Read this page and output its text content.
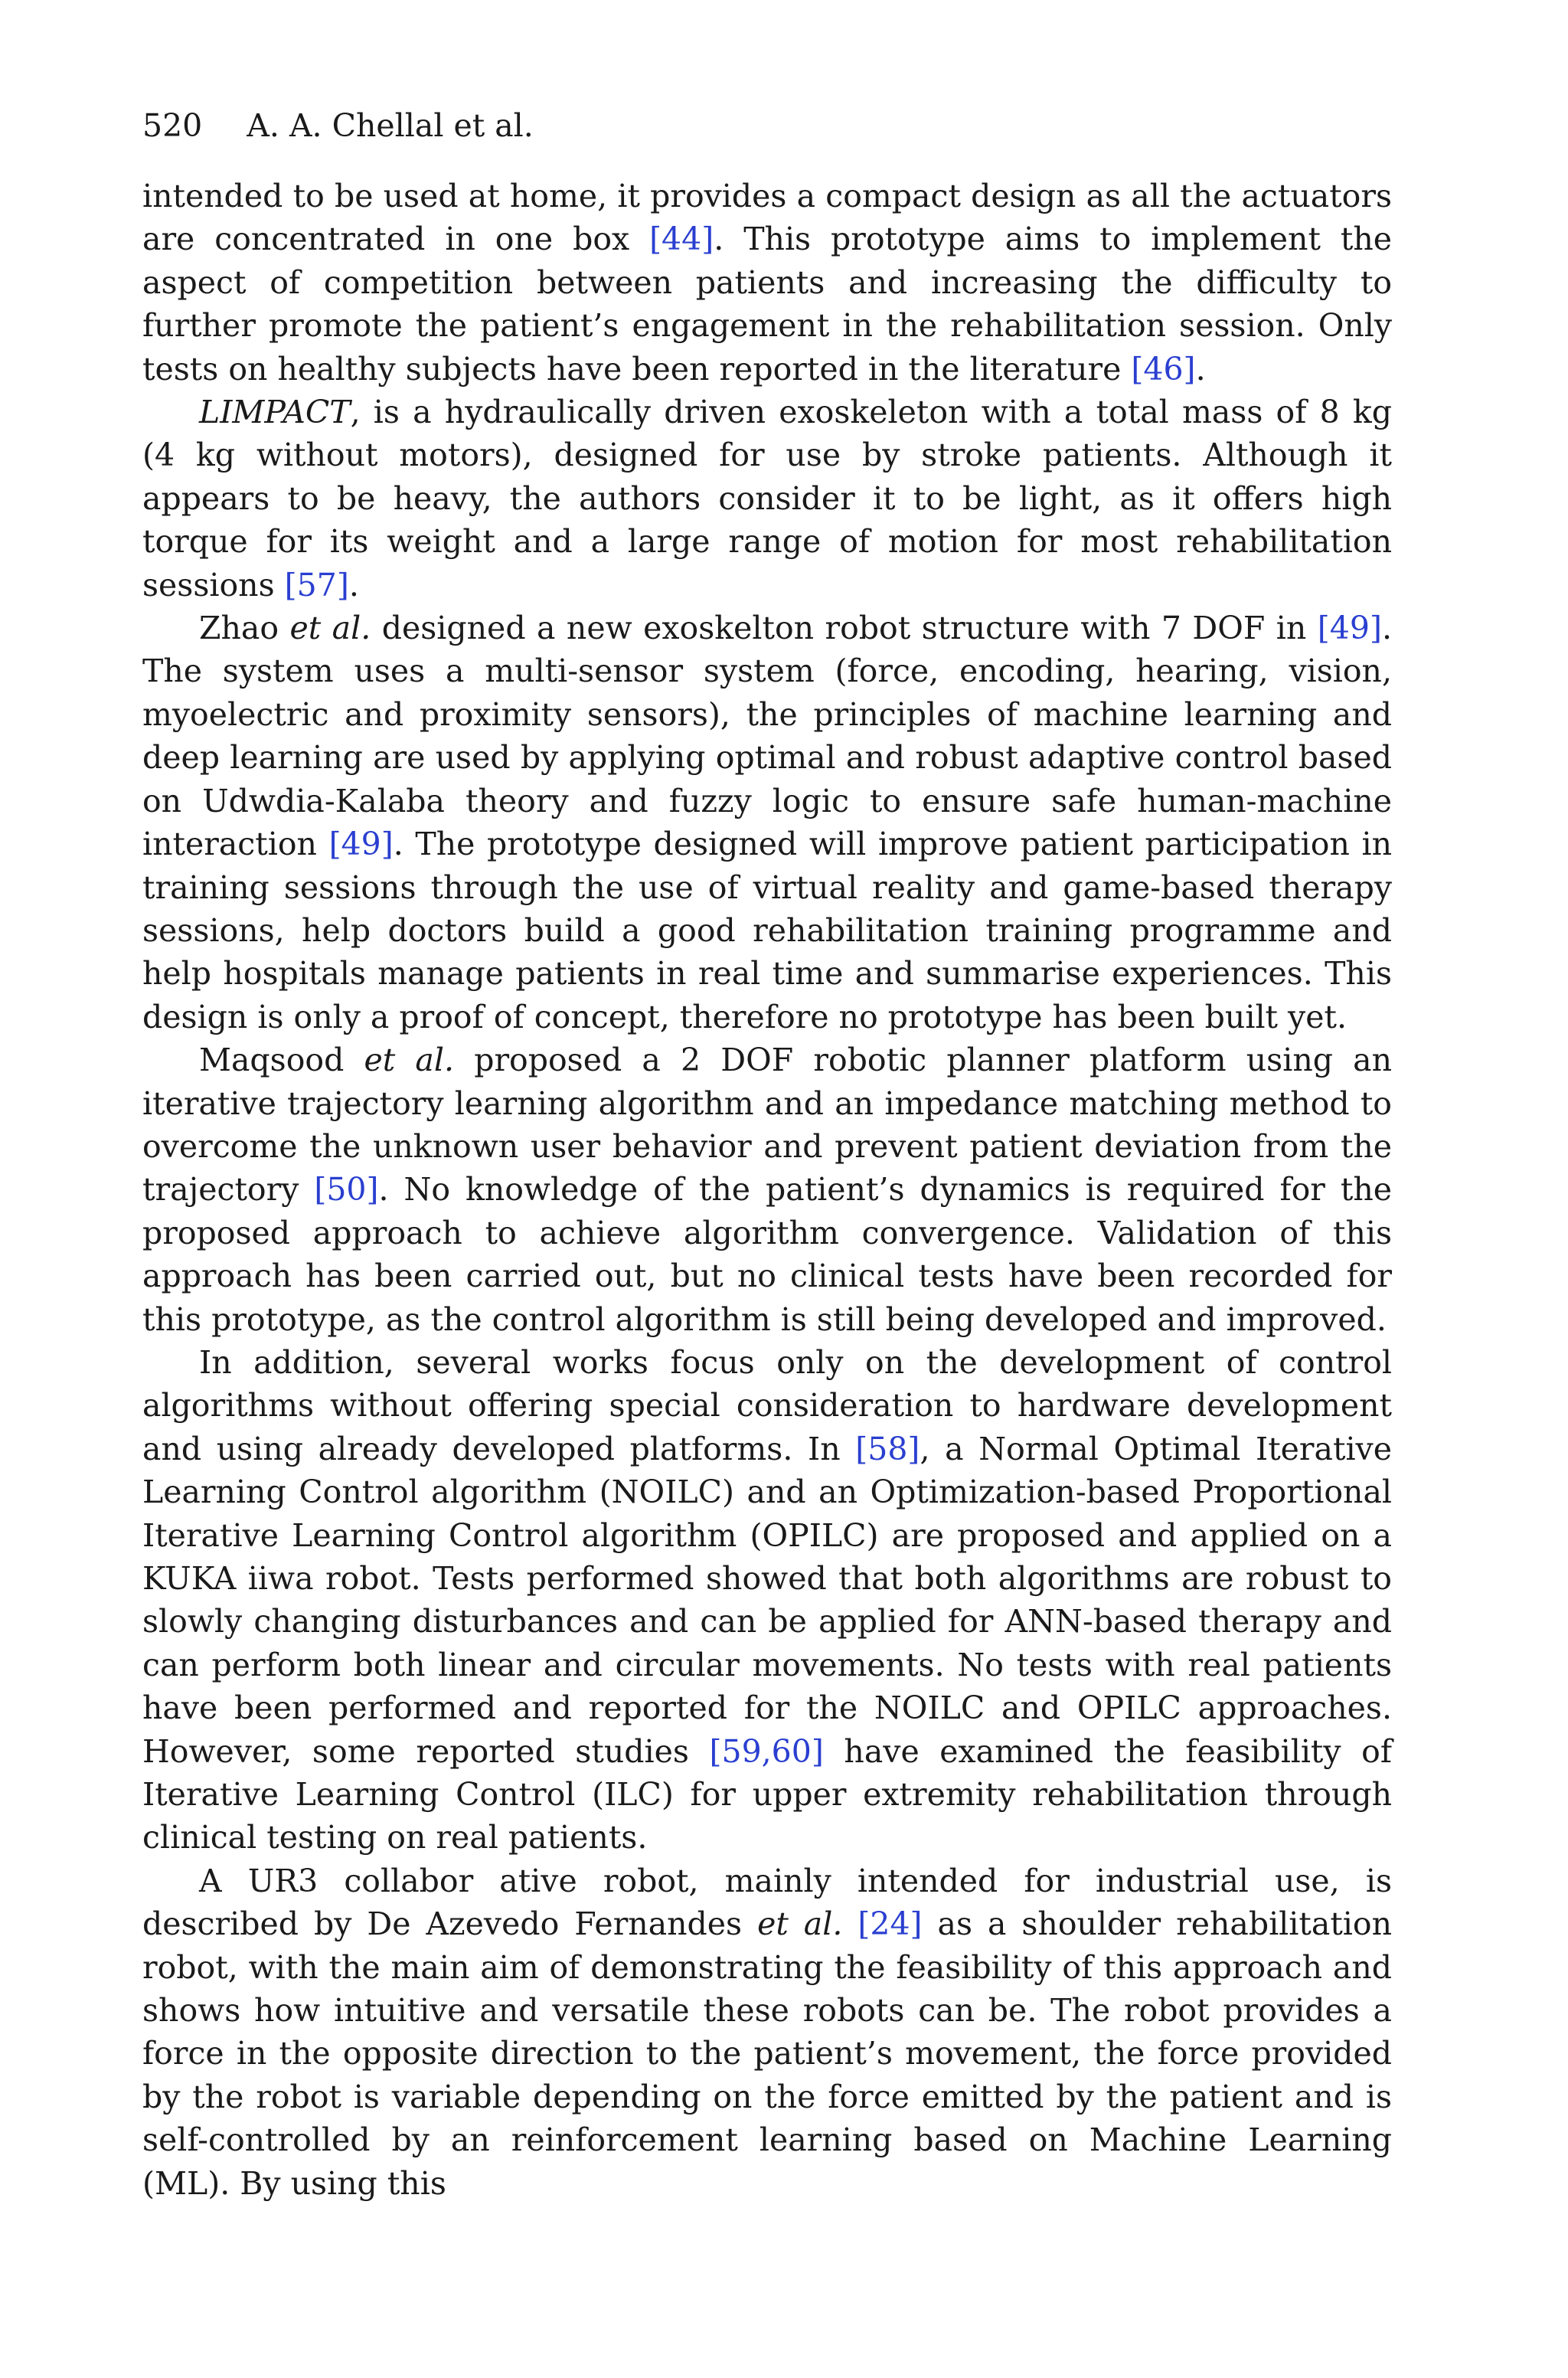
520 A. A. Chellal et al.

intended to be used at home, it provides a compact design as all the actuators are concentrated in one box [44]. This prototype aims to implement the aspect of competition between patients and increasing the difficulty to further promote the patient’s engagement in the rehabilitation session. Only tests on healthy subjects have been reported in the literature [46].

LIMPACT, is a hydraulically driven exoskeleton with a total mass of 8 kg (4 kg without motors), designed for use by stroke patients. Although it appears to be heavy, the authors consider it to be light, as it offers high torque for its weight and a large range of motion for most rehabilitation sessions [57].

Zhao et al. designed a new exoskelton robot structure with 7 DOF in [49]. The system uses a multi-sensor system (force, encoding, hearing, vision, myoelectric and proximity sensors), the principles of machine learning and deep learning are used by applying optimal and robust adaptive control based on Udwdia-Kalaba theory and fuzzy logic to ensure safe human-machine interaction [49]. The prototype designed will improve patient participation in training sessions through the use of virtual reality and game-based therapy sessions, help doctors build a good rehabilitation training programme and help hospitals manage patients in real time and summarise experiences. This design is only a proof of concept, therefore no prototype has been built yet.

Maqsood et al. proposed a 2 DOF robotic planner platform using an iterative trajectory learning algorithm and an impedance matching method to overcome the unknown user behavior and prevent patient deviation from the trajectory [50]. No knowledge of the patient’s dynamics is required for the proposed approach to achieve algorithm convergence. Validation of this approach has been carried out, but no clinical tests have been recorded for this prototype, as the control algorithm is still being developed and improved.

In addition, several works focus only on the development of control algorithms without offering special consideration to hardware development and using already developed platforms. In [58], a Normal Optimal Iterative Learning Control algorithm (NOILC) and an Optimization-based Proportional Iterative Learning Control algorithm (OPILC) are proposed and applied on a KUKA iiwa robot. Tests performed showed that both algorithms are robust to slowly changing disturbances and can be applied for ANN-based therapy and can perform both linear and circular movements. No tests with real patients have been performed and reported for the NOILC and OPILC approaches. However, some reported studies [59,60] have examined the feasibility of Iterative Learning Control (ILC) for upper extremity rehabilitation through clinical testing on real patients.

A UR3 collabor ative robot, mainly intended for industrial use, is described by De Azevedo Fernandes et al. [24] as a shoulder rehabilitation robot, with the main aim of demonstrating the feasibility of this approach and shows how intuitive and versatile these robots can be. The robot provides a force in the opposite direction to the patient’s movement, the force provided by the robot is variable depending on the force emitted by the patient and is self-controlled by an reinforcement learning based on Machine Learning (ML). By using this
